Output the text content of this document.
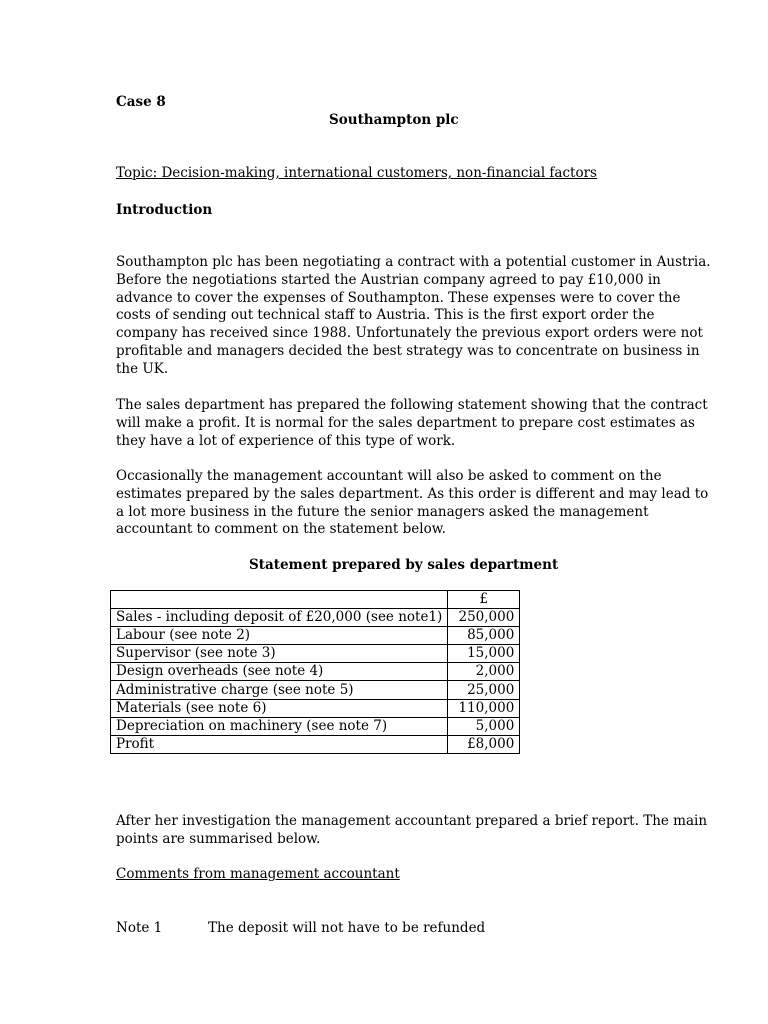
Case 8
Southampton plc
Topic: Decision-making, international customers, non-financial factors
Introduction
Southampton plc has been negotiating a contract with a potential customer in Austria.
Before the negotiations started the Austrian company agreed to pay £10,000 in
advance to cover the expenses of Southampton. These expenses were to cover the
costs of sending out technical staff to Austria. This is the first export order the
company has received since 1988. Unfortunately the previous export orders were not
profitable and managers decided the best strategy was to concentrate on business in
the UK.
The sales department has prepared the following statement showing that the contract
will make a profit. It is normal for the sales department to prepare cost estimates as
they have a lot of experience of this type of work.
Occasionally the management accountant will also be asked to comment on the
estimates prepared by the sales department. As this order is different and may lead to
a lot more business in the future the senior managers asked the management
accountant to comment on the statement below.
Statement prepared by sales department
	£
Sales - including deposit of £20,000 (see note1)	250,000
Labour (see note 2)	85,000
Supervisor (see note 3)	15,000
Design overheads (see note 4)	2,000
Administrative charge (see note 5)	25,000
Materials (see note 6)	110,000
Depreciation on machinery (see note 7)	5,000
Profit	£8,000
After her investigation the management accountant prepared a brief report. The main
points are summarised below.
Comments from management accountant
Note 1	The deposit will not have to be refunded
